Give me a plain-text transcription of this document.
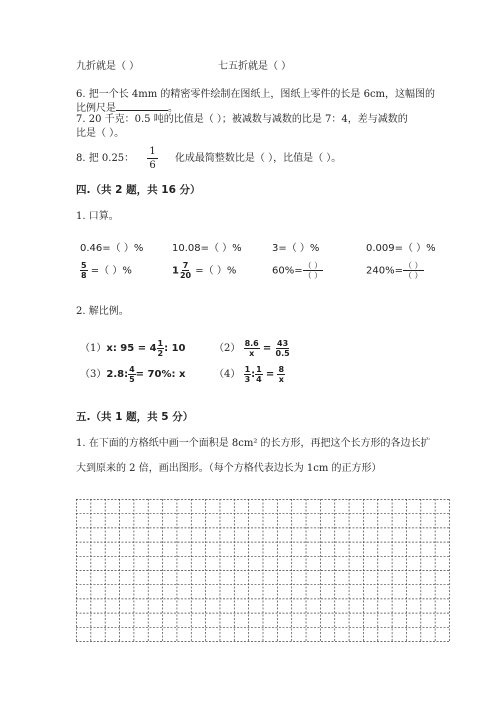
九折就是（ ）	七五折就是（ ）
6. 把一个长 4mm 的精密零件绘制在图纸上，图纸上零件的长是 6cm，这幅图的
比例尺是	。
7. 20 千克：0.5 吨的比值是（ ）；被减数与减数的比是 7：4，差与减数的
比是（ ）。
8. 把 0.25： $\frac{1}{6}$ 化成最简整数比是（ ），比值是（ ）。
四.（共 2 题，共 16 分）
1. 口算。
0.46=（ ）%	10.08=（ ）%	3=（ ）%	0.009=（ ）%
$\frac{5}{8}$ =（ ）%	$1 \frac{7}{20}$ =（ ）%	$60\%= \frac{( )}{( )}$	$240\%= \frac{( )}{( )}$
2. 解比例。
（1）x: $95 = 4 \frac{1}{2}$ : 10	$(2) \frac{8.6}{x} = \frac{43}{0.5}$
（3）2.8: $\frac{4}{5} = 70\%$: x	$(4) \frac{1}{3}$ : $\frac{1}{4} = \frac{8}{x}$
五.（共 1 题，共 5 分）
1. 在下面的方格纸中画一个面积是 8cm² 的长方形，再把这个长方形的各边长扩
大到原来的 2 倍，画出图形。（每个方格代表边长为 1cm 的正方形）
